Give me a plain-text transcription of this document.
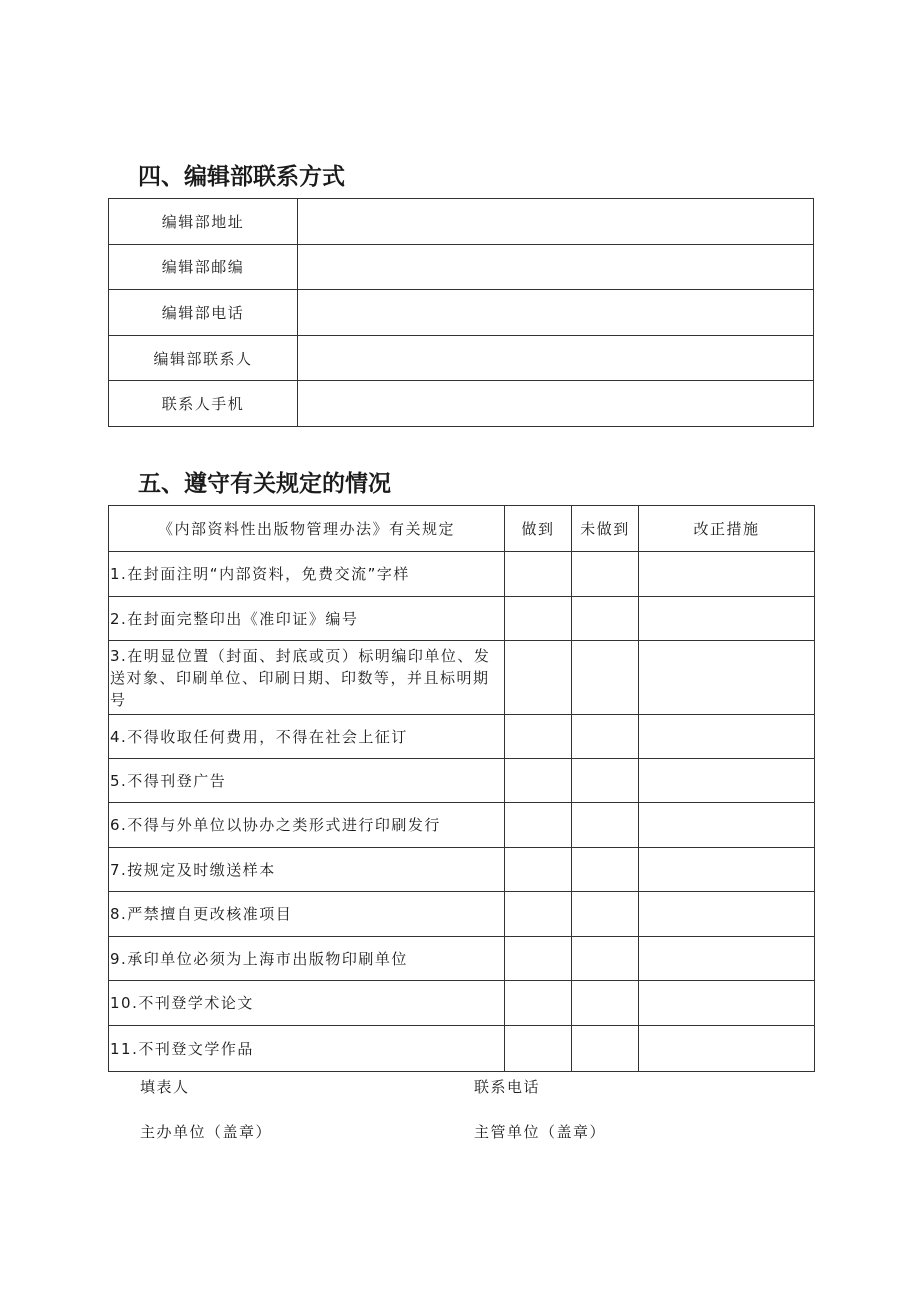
四、编辑部联系方式
编辑部地址	
编辑部邮编	
编辑部电话	
编辑部联系人	
联系人手机	
五、遵守有关规定的情况
《内部资料性出版物管理办法》有关规定	做到	未做到	改正措施
1.在封面注明“内部资料，免费交流”字样			
2.在封面完整印出《准印证》编号			
3.在明显位置（封面、封底或页）标明编印单位、发送对象、印刷单位、印刷日期、印数等，并且标明期号			
4.不得收取任何费用，不得在社会上征订			
5.不得刊登广告			
6.不得与外单位以协办之类形式进行印刷发行			
7.按规定及时缴送样本			
8.严禁擅自更改核准项目			
9.承印单位必须为上海市出版物印刷单位			
10.不刊登学术论文			
11.不刊登文学作品			
填表人	联系电话
主办单位（盖章）	主管单位（盖章）
